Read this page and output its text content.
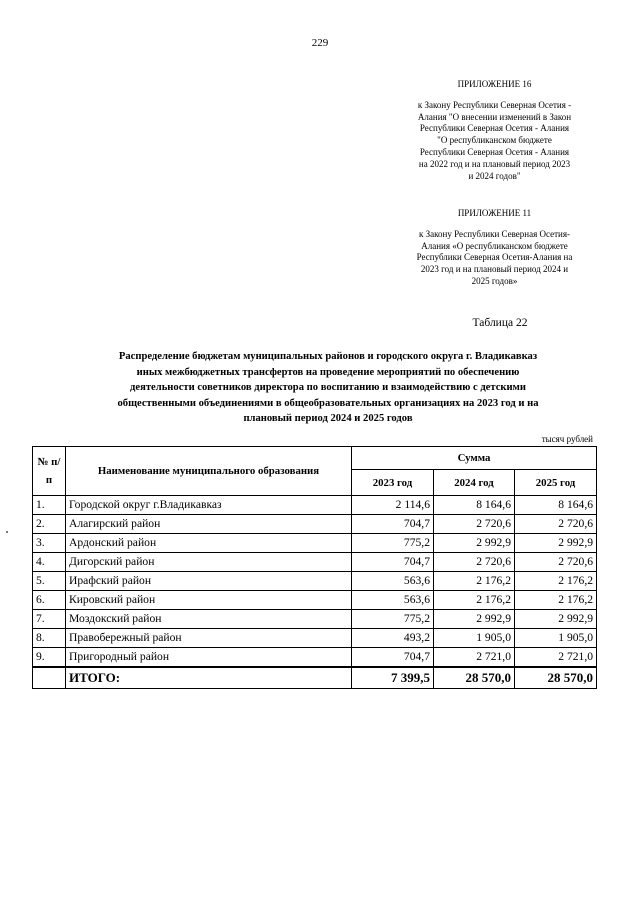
229
ПРИЛОЖЕНИЕ 16
к Закону Республики Северная Осетия -
Алания "О внесении изменений в Закон
Республики Северная Осетия - Алания
"О республиканском бюджете
Республики Северная Осетия - Алания
на 2022 год и на плановый период 2023
и 2024 годов"
ПРИЛОЖЕНИЕ 11
к Закону Республики Северная Осетия-
Алания «О республиканском бюджете
Республики Северная Осетия-Алания на
2023 год и на плановый период 2024 и
2025 годов»
Таблица 22
Распределение бюджетам муниципальных районов и городского округа г. Владикавказ
иных межбюджетных трансфертов на проведение мероприятий по обеспечению
деятельности советников директора по воспитанию и взаимодействию с детскими
общественными объединениями в общеобразовательных организациях на 2023 год и на
плановый период 2024 и 2025 годов
тысяч рублей
№ п/п	Наименование муниципального образования	Сумма		
		2023 год	2024 год	2025 год
1.	Городской округ г.Владикавказ	2 114,6	8 164,6	8 164,6
2.	Алагирский район	704,7	2 720,6	2 720,6
3.	Ардонский район	775,2	2 992,9	2 992,9
4.	Дигорский район	704,7	2 720,6	2 720,6
5.	Ирафский район	563,6	2 176,2	2 176,2
6.	Кировский район	563,6	2 176,2	2 176,2
7.	Моздокский район	775,2	2 992,9	2 992,9
8.	Правобережный район	493,2	1 905,0	1 905,0
9.	Пригородный район	704,7	2 721,0	2 721,0
	ИТОГО:	7 399,5	28 570,0	28 570,0
